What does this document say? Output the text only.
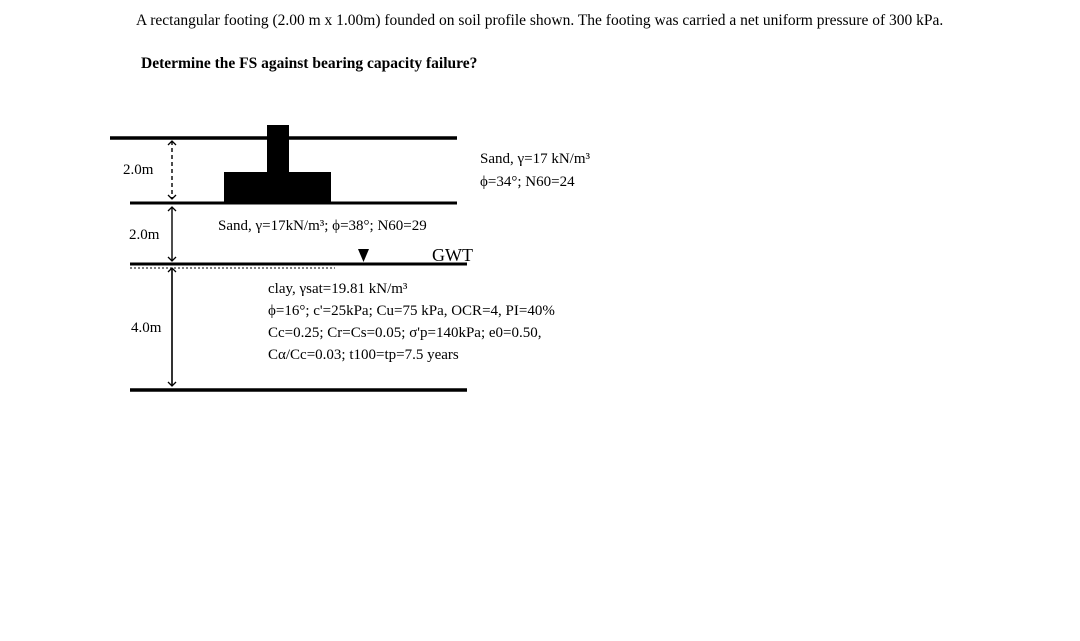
A rectangular footing (2.00 m x 1.00m) founded on soil profile shown. The footing was carried a net uniform pressure of 300 kPa.

Determine the FS against bearing capacity failure?
2.0m
2.0m
4.0m
GWT
Sand, γ=17 kN/m³
ϕ=34°; N60=24
Sand, γ=17kN/m³; ϕ=38°; N60=29
clay, γsat=19.81 kN/m³
ϕ=16°; c'=25kPa; Cu=75 kPa, OCR=4, PI=40%
Cc=0.25; Cr=Cs=0.05; σ'p=140kPa; e0=0.50,
Cα/Cc=0.03; t100=tp=7.5 years
